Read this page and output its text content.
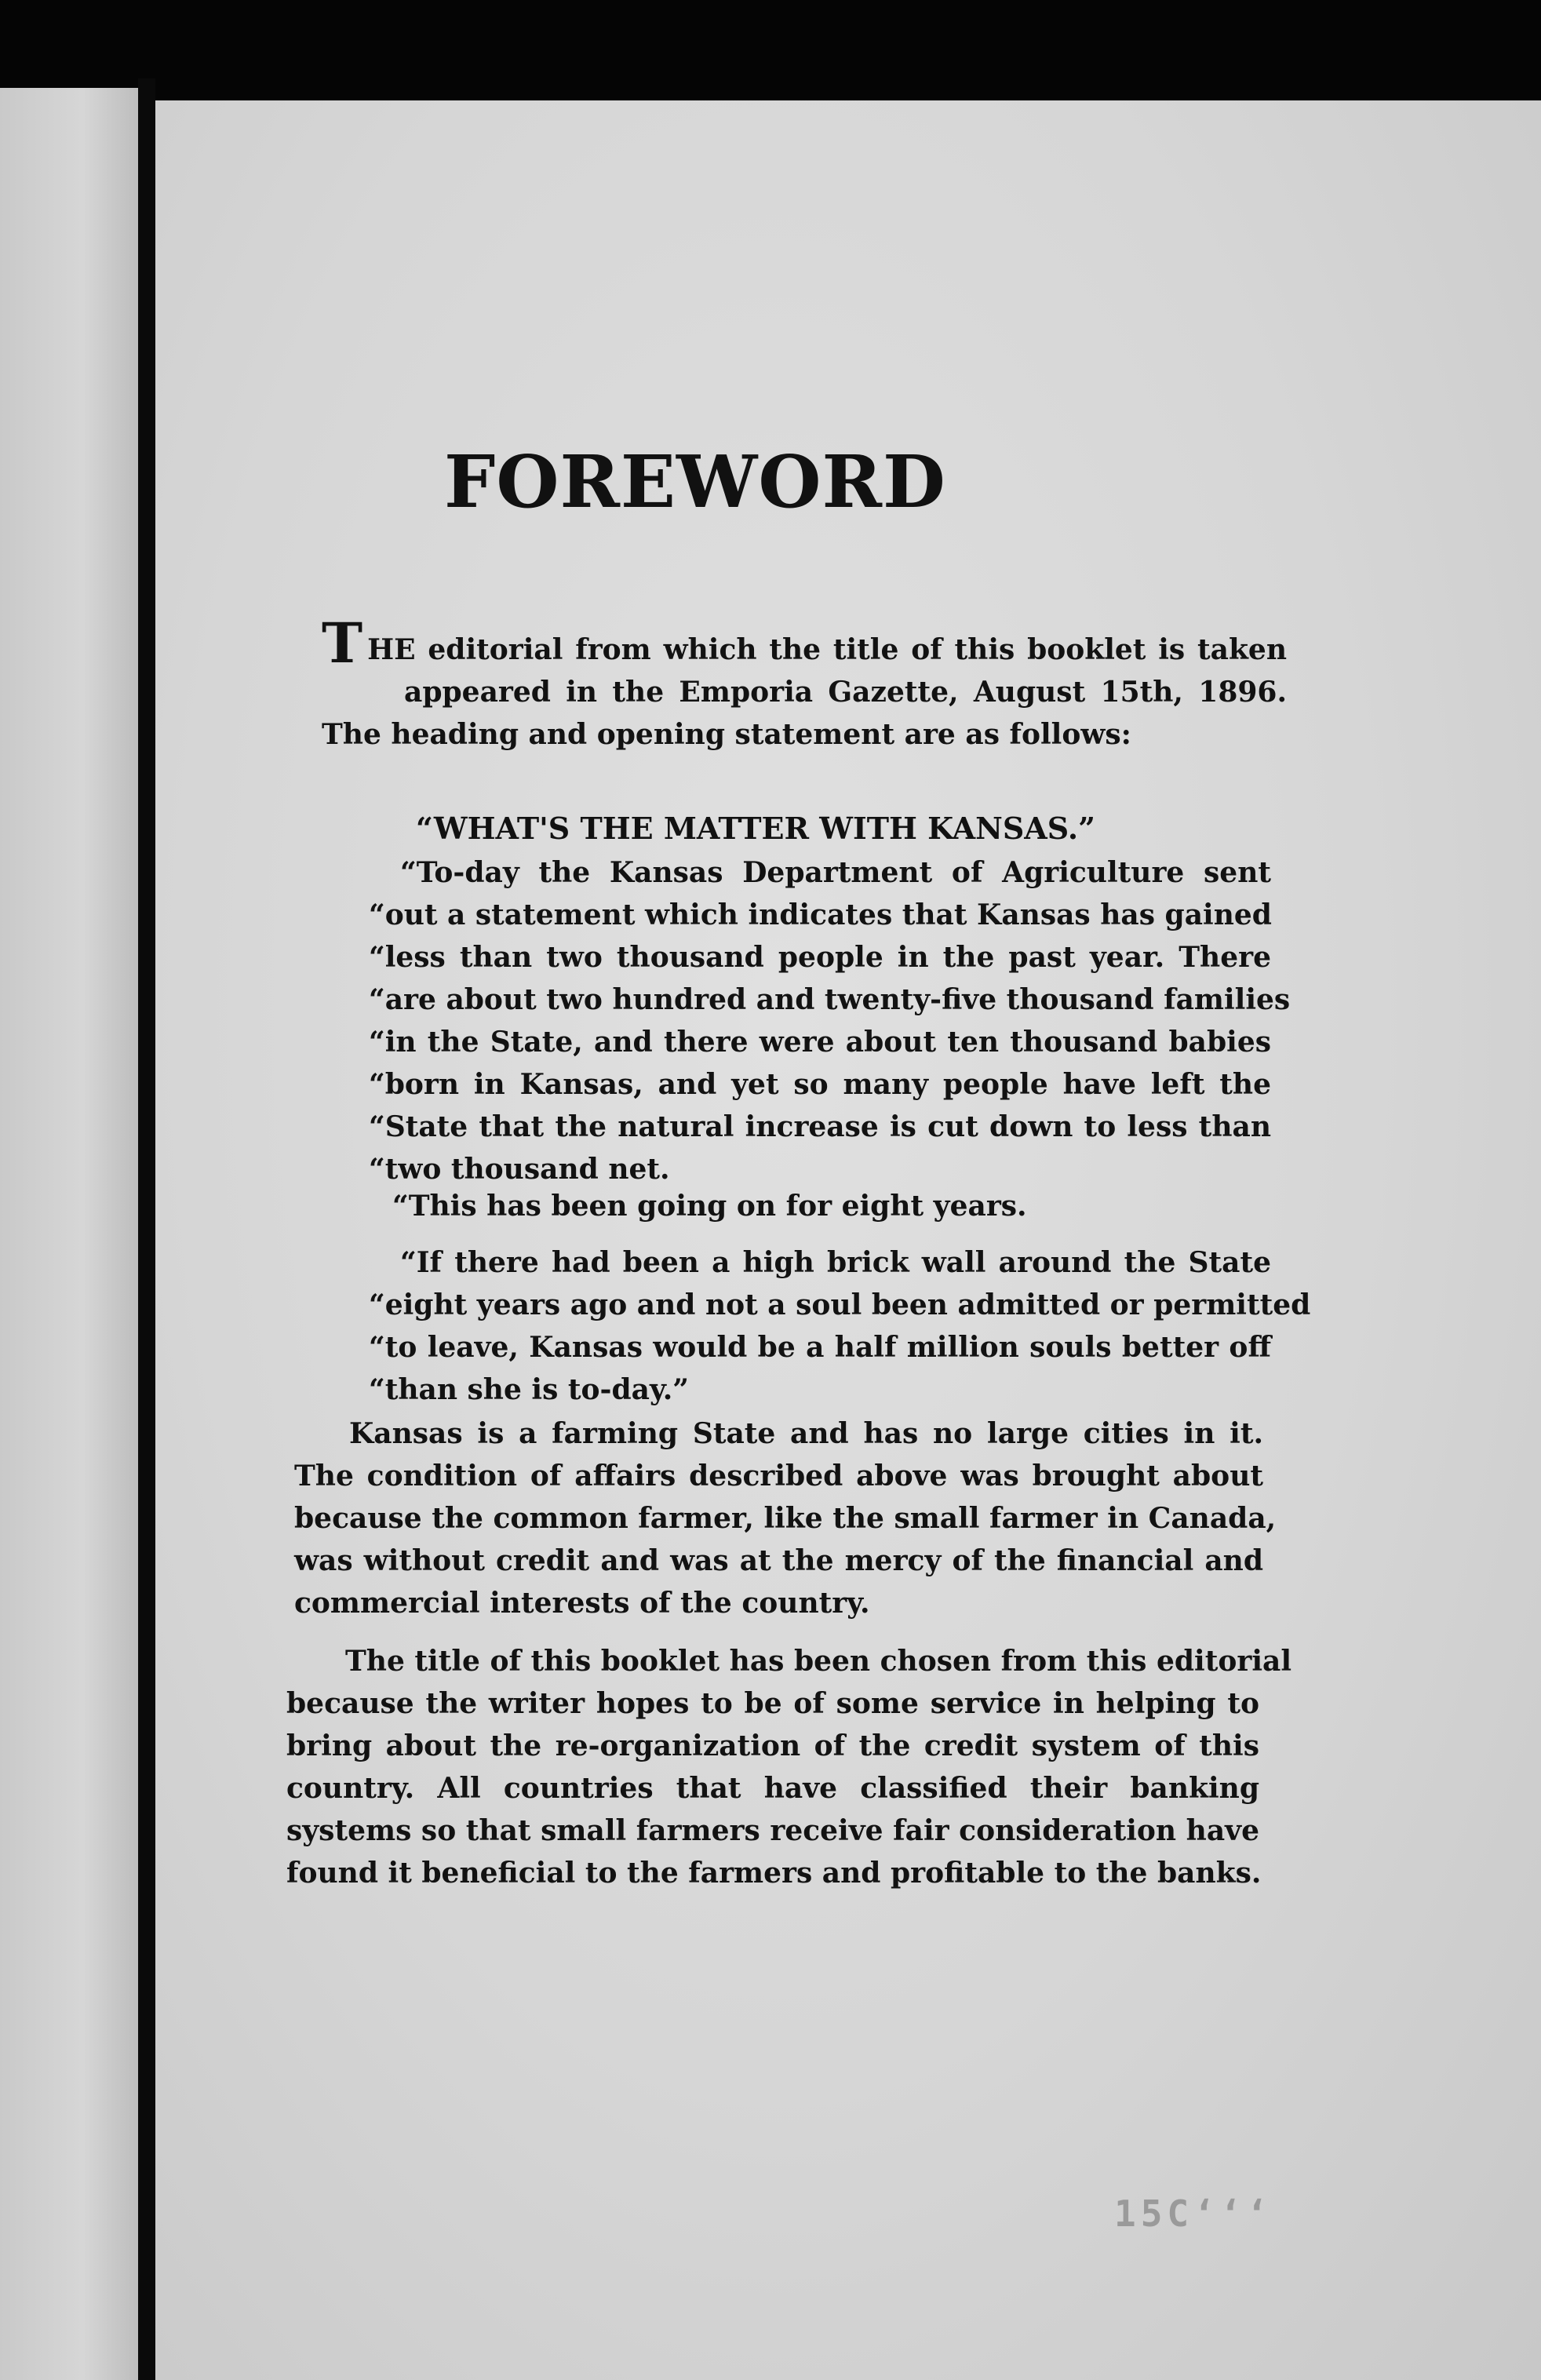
FOREWORD
THE editorial from which the title of this booklet is taken
appeared in the Emporia Gazette, August 15th, 1896.
The heading and opening statement are as follows:
“WHAT'S THE MATTER WITH KANSAS.”
“To-day the Kansas Department of Agriculture sent
“out a statement which indicates that Kansas has gained
“less than two thousand people in the past year. There
“are about two hundred and twenty-five thousand families
“in the State, and there were about ten thousand babies
“born in Kansas, and yet so many people have left the
“State that the natural increase is cut down to less than
“two thousand net.
“This has been going on for eight years.
“If there had been a high brick wall around the State
“eight years ago and not a soul been admitted or permitted
“to leave, Kansas would be a half million souls better off
“than she is to-day.”
Kansas is a farming State and has no large cities in it.
The condition of affairs described above was brought about
because the common farmer, like the small farmer in Canada,
was without credit and was at the mercy of the financial and
commercial interests of the country.
The title of this booklet has been chosen from this editorial
because the writer hopes to be of some service in helping to
bring about the re-organization of the credit system of this
country. All countries that have classified their banking
systems so that small farmers receive fair consideration have
found it beneficial to the farmers and profitable to the banks.
15Cʻʻʻ
